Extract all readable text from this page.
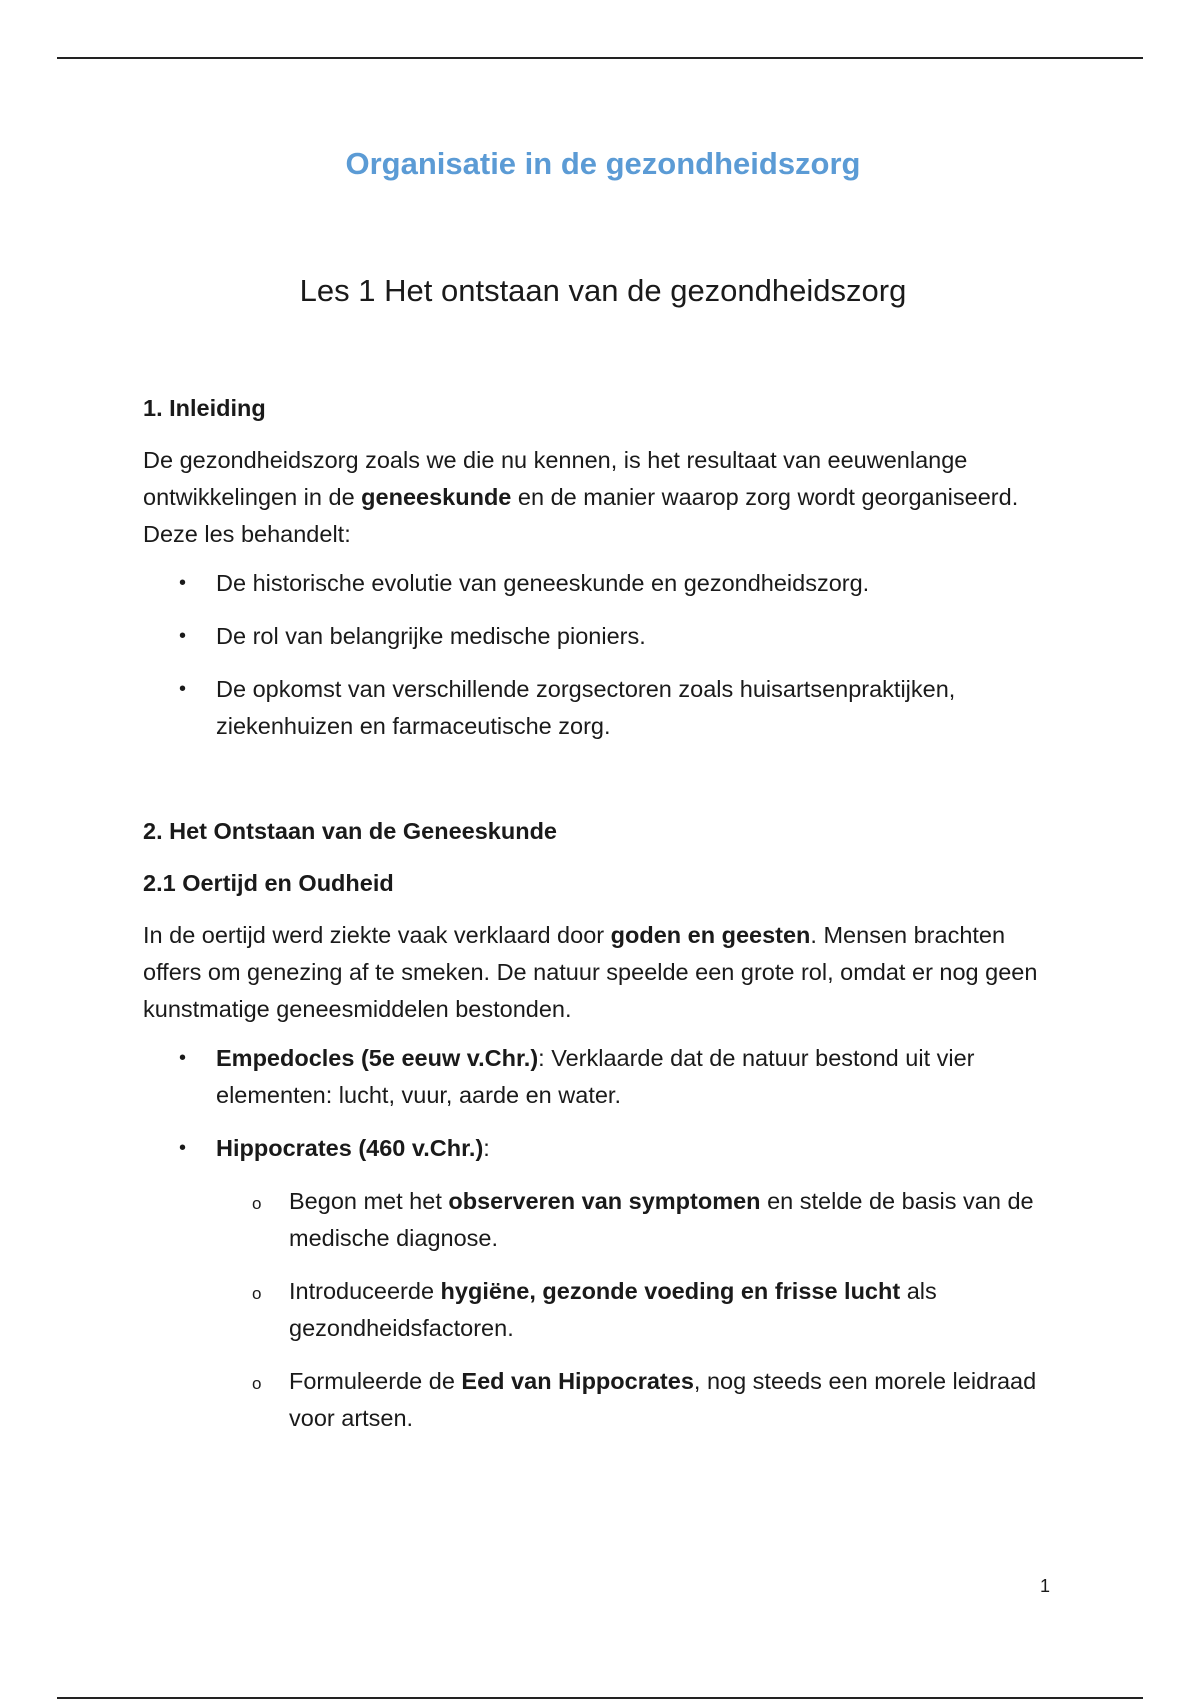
Organisatie in de gezondheidszorg
Les 1 Het ontstaan van de gezondheidszorg
1. Inleiding
De gezondheidszorg zoals we die nu kennen, is het resultaat van eeuwenlange ontwikkelingen in de geneeskunde en de manier waarop zorg wordt georganiseerd. Deze les behandelt:
• De historische evolutie van geneeskunde en gezondheidszorg.
• De rol van belangrijke medische pioniers.
• De opkomst van verschillende zorgsectoren zoals huisartsenpraktijken, ziekenhuizen en farmaceutische zorg.
2. Het Ontstaan van de Geneeskunde
2.1 Oertijd en Oudheid
In de oertijd werd ziekte vaak verklaard door goden en geesten. Mensen brachten offers om genezing af te smeken. De natuur speelde een grote rol, omdat er nog geen kunstmatige geneesmiddelen bestonden.
• Empedocles (5e eeuw v.Chr.): Verklaarde dat de natuur bestond uit vier elementen: lucht, vuur, aarde en water.
• Hippocrates (460 v.Chr.):
o Begon met het observeren van symptomen en stelde de basis van de medische diagnose.
o Introduceerde hygiëne, gezonde voeding en frisse lucht als gezondheidsfactoren.
o Formuleerde de Eed van Hippocrates, nog steeds een morele leidraad voor artsen.
1
